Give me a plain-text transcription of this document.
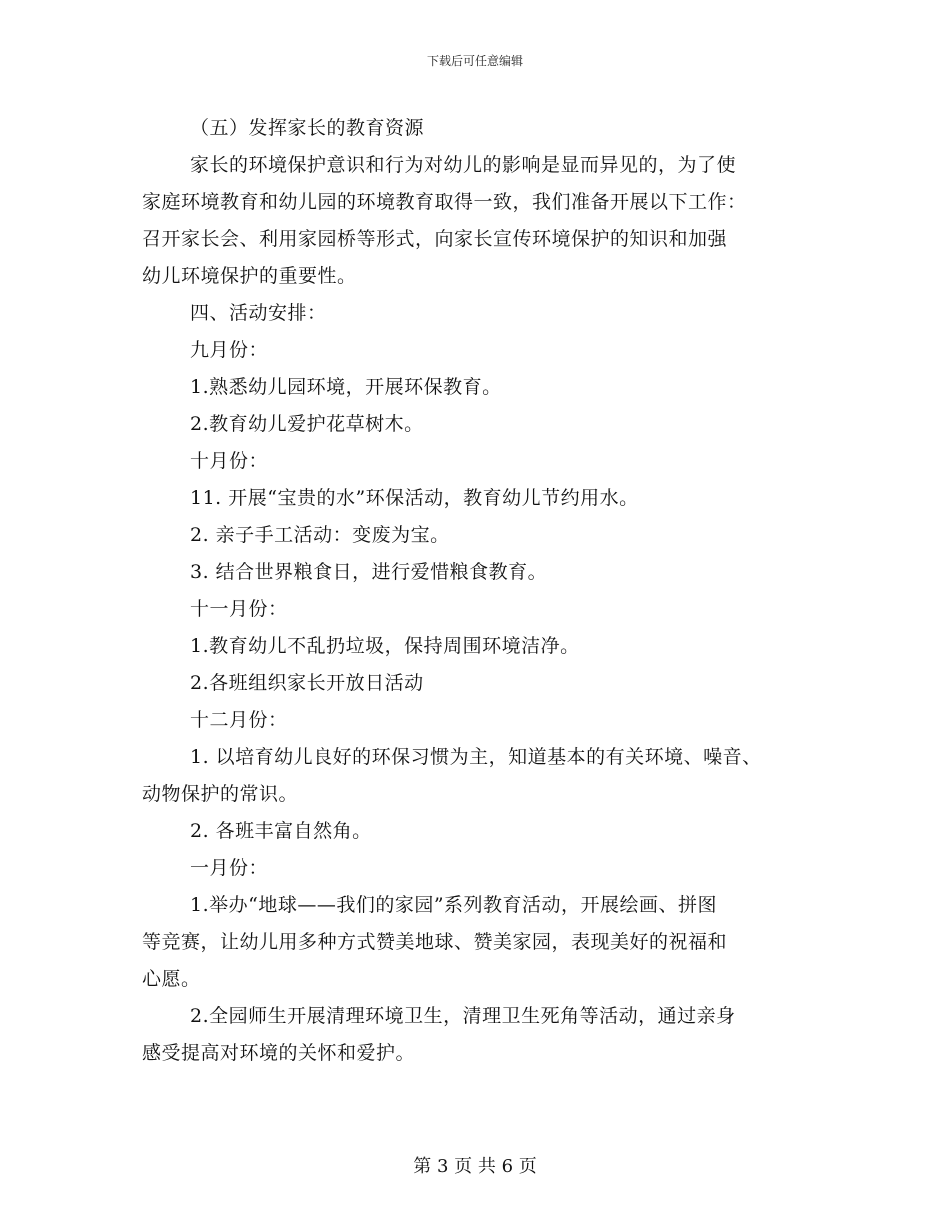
下载后可任意编辑
（五）发挥家长的教育资源
家长的环境保护意识和行为对幼儿的影响是显而异见的，为了使
家庭环境教育和幼儿园的环境教育取得一致，我们准备开展以下工作：
召开家长会、利用家园桥等形式，向家长宣传环境保护的知识和加强
幼儿环境保护的重要性。
四、活动安排：
九月份：
1.熟悉幼儿园环境，开展环保教育。
2.教育幼儿爱护花草树木。
十月份：
11. 开展“宝贵的水”环保活动，教育幼儿节约用水。
2. 亲子手工活动：变废为宝。
3. 结合世界粮食日，进行爱惜粮食教育。
十一月份：
1.教育幼儿不乱扔垃圾，保持周围环境洁净。
2.各班组织家长开放日活动
十二月份：
1. 以培育幼儿良好的环保习惯为主，知道基本的有关环境、噪音、
动物保护的常识。
2. 各班丰富自然角。
一月份：
1.举办“地球——我们的家园”系列教育活动，开展绘画、拼图
等竞赛，让幼儿用多种方式赞美地球、赞美家园，表现美好的祝福和
心愿。
2.全园师生开展清理环境卫生，清理卫生死角等活动，通过亲身
感受提高对环境的关怀和爱护。
第 3 页 共 6 页
